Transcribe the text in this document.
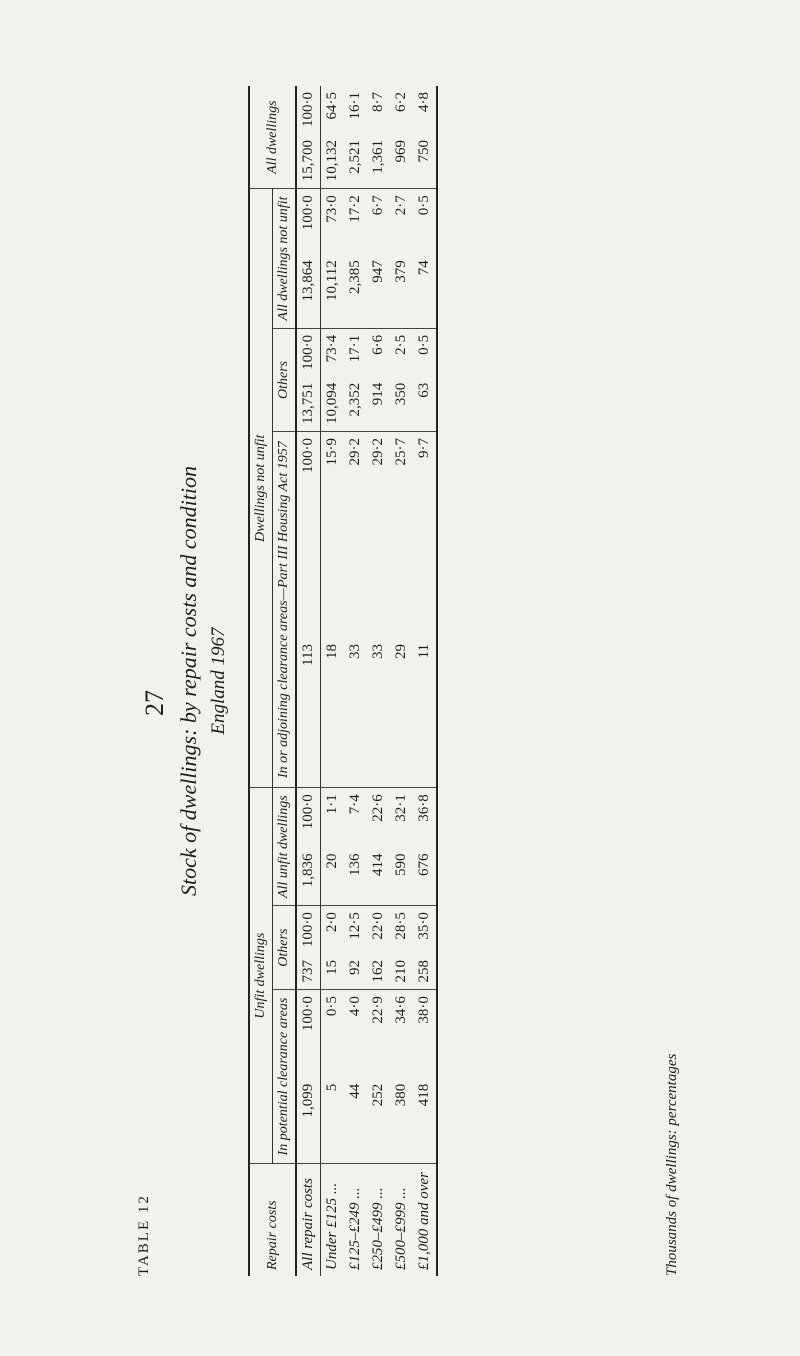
TABLE 12
27 Stock of dwellings: by repair costs and condition England 1967

Repair costs	Unfit dwellings						Dwellings not unfit						All dwellings	
	In potential clearance areas		Others		All unfit dwellings		In or adjoining clearance areas—Part III Housing Act 1957		Others		All dwellings not unfit			
All repair costs	1,099	100·0	737	100·0	1,836	100·0	113	100·0	13,751	100·0	13,864	100·0	15,700	100·0
Under £125 ...	5	0·5	15	2·0	20	1·1	18	15·9	10,094	73·4	10,112	73·0	10,132	64·5
£125–£249 ...	44	4·0	92	12·5	136	7·4	33	29·2	2,352	17·1	2,385	17·2	2,521	16·1
£250–£499 ...	252	22·9	162	22·0	414	22·6	33	29·2	914	6·6	947	6·7	1,361	8·7
£500–£999 ...	380	34·6	210	28·5	590	32·1	29	25·7	350	2·5	379	2·7	969	6·2
£1,000 and over	418	38·0	258	35·0	676	36·8	11	9·7	63	0·5	74	0·5	750	4·8
Thousands of dwellings: percentages
